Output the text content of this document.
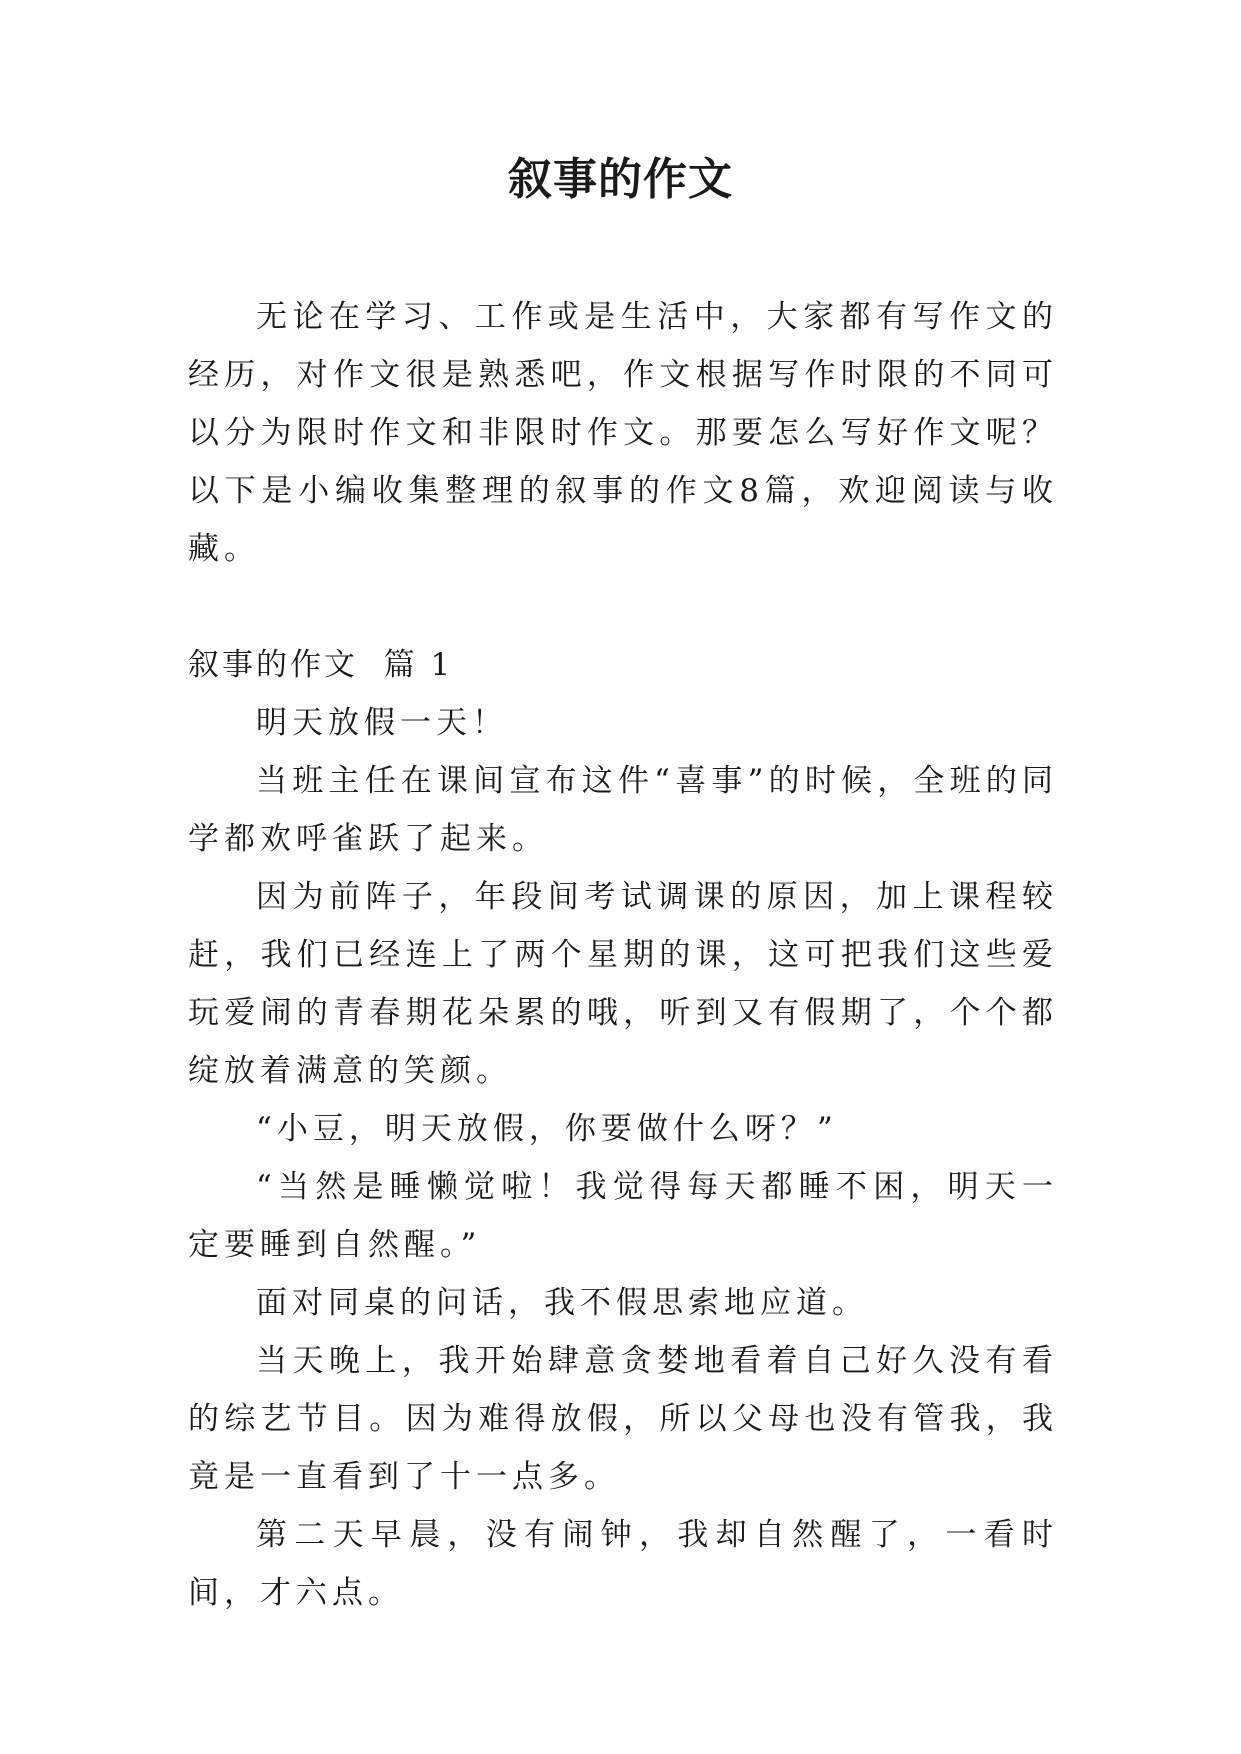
叙事的作文

无论在学习、工作或是生活中，大家都有写作文的经历，对作文很是熟悉吧，作文根据写作时限的不同可以分为限时作文和非限时作文。那要怎么写好作文呢？以下是小编收集整理的叙事的作文8篇，欢迎阅读与收藏。

叙事的作文  篇 1

明天放假一天！

当班主任在课间宣布这件“喜事”的时候，全班的同学都欢呼雀跃了起来。

因为前阵子，年段间考试调课的原因，加上课程较赶，我们已经连上了两个星期的课，这可把我们这些爱玩爱闹的青春期花朵累的哦，听到又有假期了，个个都绽放着满意的笑颜。

“小豆，明天放假，你要做什么呀？”

“当然是睡懒觉啦！我觉得每天都睡不困，明天一定要睡到自然醒。”

面对同桌的问话，我不假思索地应道。

当天晚上，我开始肆意贪婪地看着自己好久没有看的综艺节目。因为难得放假，所以父母也没有管我，我竟是一直看到了十一点多。

第二天早晨，没有闹钟，我却自然醒了，一看时间，才六点。
